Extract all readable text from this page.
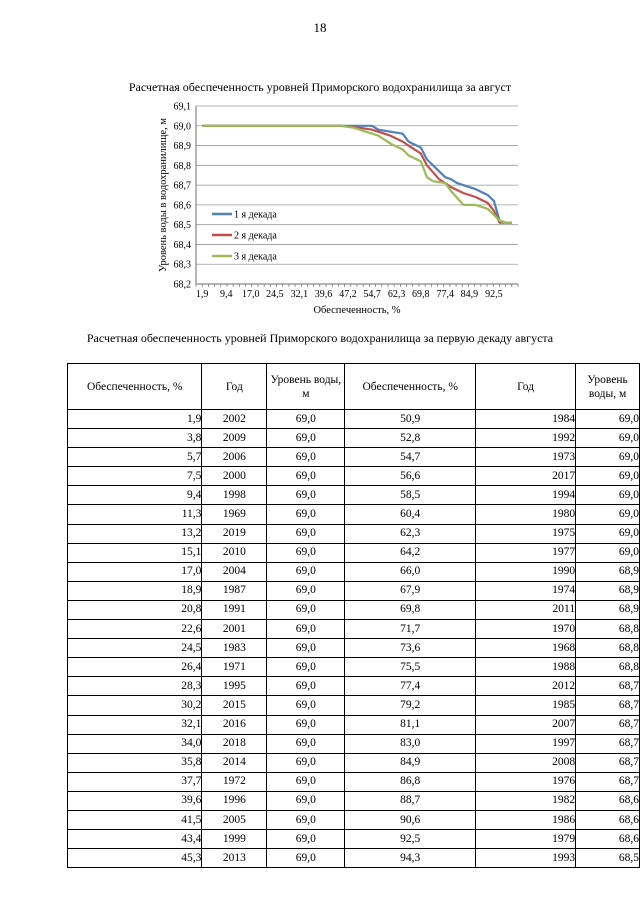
18
Расчетная обеспеченность уровней Приморского водохранилища за август
68,2
68,3
68,4
68,5
68,6
68,7
68,8
68,9
69,0
69,1
1,9 9,4 17,0 24,5 32,1 39,6 47,2 54,7 62,3 69,8 77,4 84,9 92,5
Обеспеченность, %
Уровень воды в водохранилище, м	1 я декада
2 я декада
3 я декада
Расчетная обеспеченность уровней Приморского водохранилища за первую декаду августа
Обеспеченность, %	Год	Уровень воды, м	Обеспеченность, %	Год	Уровень воды, м
1,9	2002	69,0	50,9	1984	69,0
3,8	2009	69,0	52,8	1992	69,0
5,7	2006	69,0	54,7	1973	69,0
7,5	2000	69,0	56,6	2017	69,0
9,4	1998	69,0	58,5	1994	69,0
11,3	1969	69,0	60,4	1980	69,0
13,2	2019	69,0	62,3	1975	69,0
15,1	2010	69,0	64,2	1977	69,0
17,0	2004	69,0	66,0	1990	68,9
18,9	1987	69,0	67,9	1974	68,9
20,8	1991	69,0	69,8	2011	68,9
22,6	2001	69,0	71,7	1970	68,8
24,5	1983	69,0	73,6	1968	68,8
26,4	1971	69,0	75,5	1988	68,8
28,3	1995	69,0	77,4	2012	68,7
30,2	2015	69,0	79,2	1985	68,7
32,1	2016	69,0	81,1	2007	68,7
34,0	2018	69,0	83,0	1997	68,7
35,8	2014	69,0	84,9	2008	68,7
37,7	1972	69,0	86,8	1976	68,7
39,6	1996	69,0	88,7	1982	68,6
41,5	2005	69,0	90,6	1986	68,6
43,4	1999	69,0	92,5	1979	68,6
45,3	2013	69,0	94,3	1993	68,5
